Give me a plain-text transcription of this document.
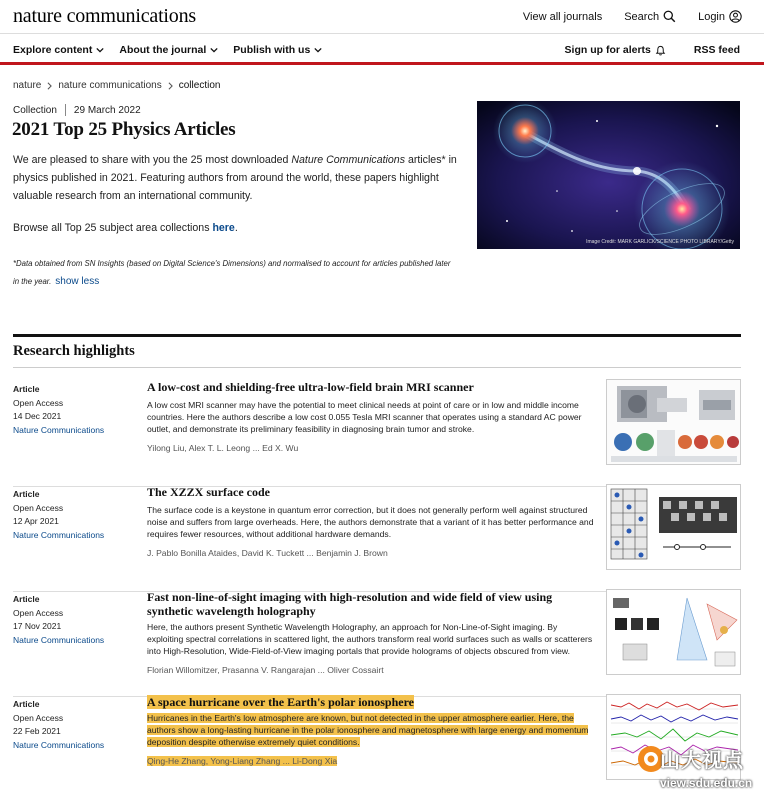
nature communications	View all journals Search	Login
Explore content	About the journal	Publish with us	Sign up for alerts	RSS feed
nature nature communications collection
Collection 29 March 2022
2021 Top 25 Physics Articles

We are pleased to share with you the 25 most downloaded Nature Communications articles* in physics published in 2021. Featuring authors from around the world, these papers highlight valuable research from an international community.

Browse all Top 25 subject area collections here.

*Data obtained from SN Insights (based on Digital Science's Dimensions) and normalised to account for articles published later in the year. show less

Image Credit: MARK GARLICK/SCIENCE PHOTO LIBRARY/Getty
Research highlights
Article
Open Access
14 Dec 2021
Nature Communications
A low-cost and shielding-free ultra-low-field brain MRI scanner
A low cost MRI scanner may have the potential to meet clinical needs at point of care or in low and middle income countries. Here the authors describe a low cost 0.055 Tesla MRI scanner that operates using a standard AC power outlet, and demonstrate its preliminary feasibility in diagnosing brain tumor and stroke.
Yilong Liu, Alex T. L. Leong ... Ed X. Wu
Article
Open Access
12 Apr 2021
Nature Communications
The XZZX surface code
The surface code is a keystone in quantum error correction, but it does not generally perform well against structured noise and suffers from large overheads. Here, the authors demonstrate that a variant of it has better performance and requires fewer resources, without additional hardware demands.
J. Pablo Bonilla Ataides, David K. Tuckett ... Benjamin J. Brown
Article
Open Access
17 Nov 2021
Nature Communications
Fast non-line-of-sight imaging with high-resolution and wide field of view using synthetic wavelength holography
Here, the authors present Synthetic Wavelength Holography, an approach for Non-Line-of-Sight imaging. By exploiting spectral correlations in scattered light, the authors transform real world surfaces such as walls or scatterers into High-Resolution, Wide-Field-of-View imaging portals that provide holograms of objects obscured from view.
Florian Willomitzer, Prasanna V. Rangarajan ... Oliver Cossairt
Article
Open Access
22 Feb 2021
Nature Communications
A space hurricane over the Earth's polar ionosphere
Hurricanes in the Earth's low atmosphere are known, but not detected in the upper atmosphere earlier. Here, the authors show a long-lasting hurricane in the polar ionosphere and magnetosphere with large energy and momentum deposition despite otherwise extremely quiet conditions.
Qing-He Zhang, Yong-Liang Zhang ... Li-Dong Xia	山大视点
view.sdu.edu.cn
